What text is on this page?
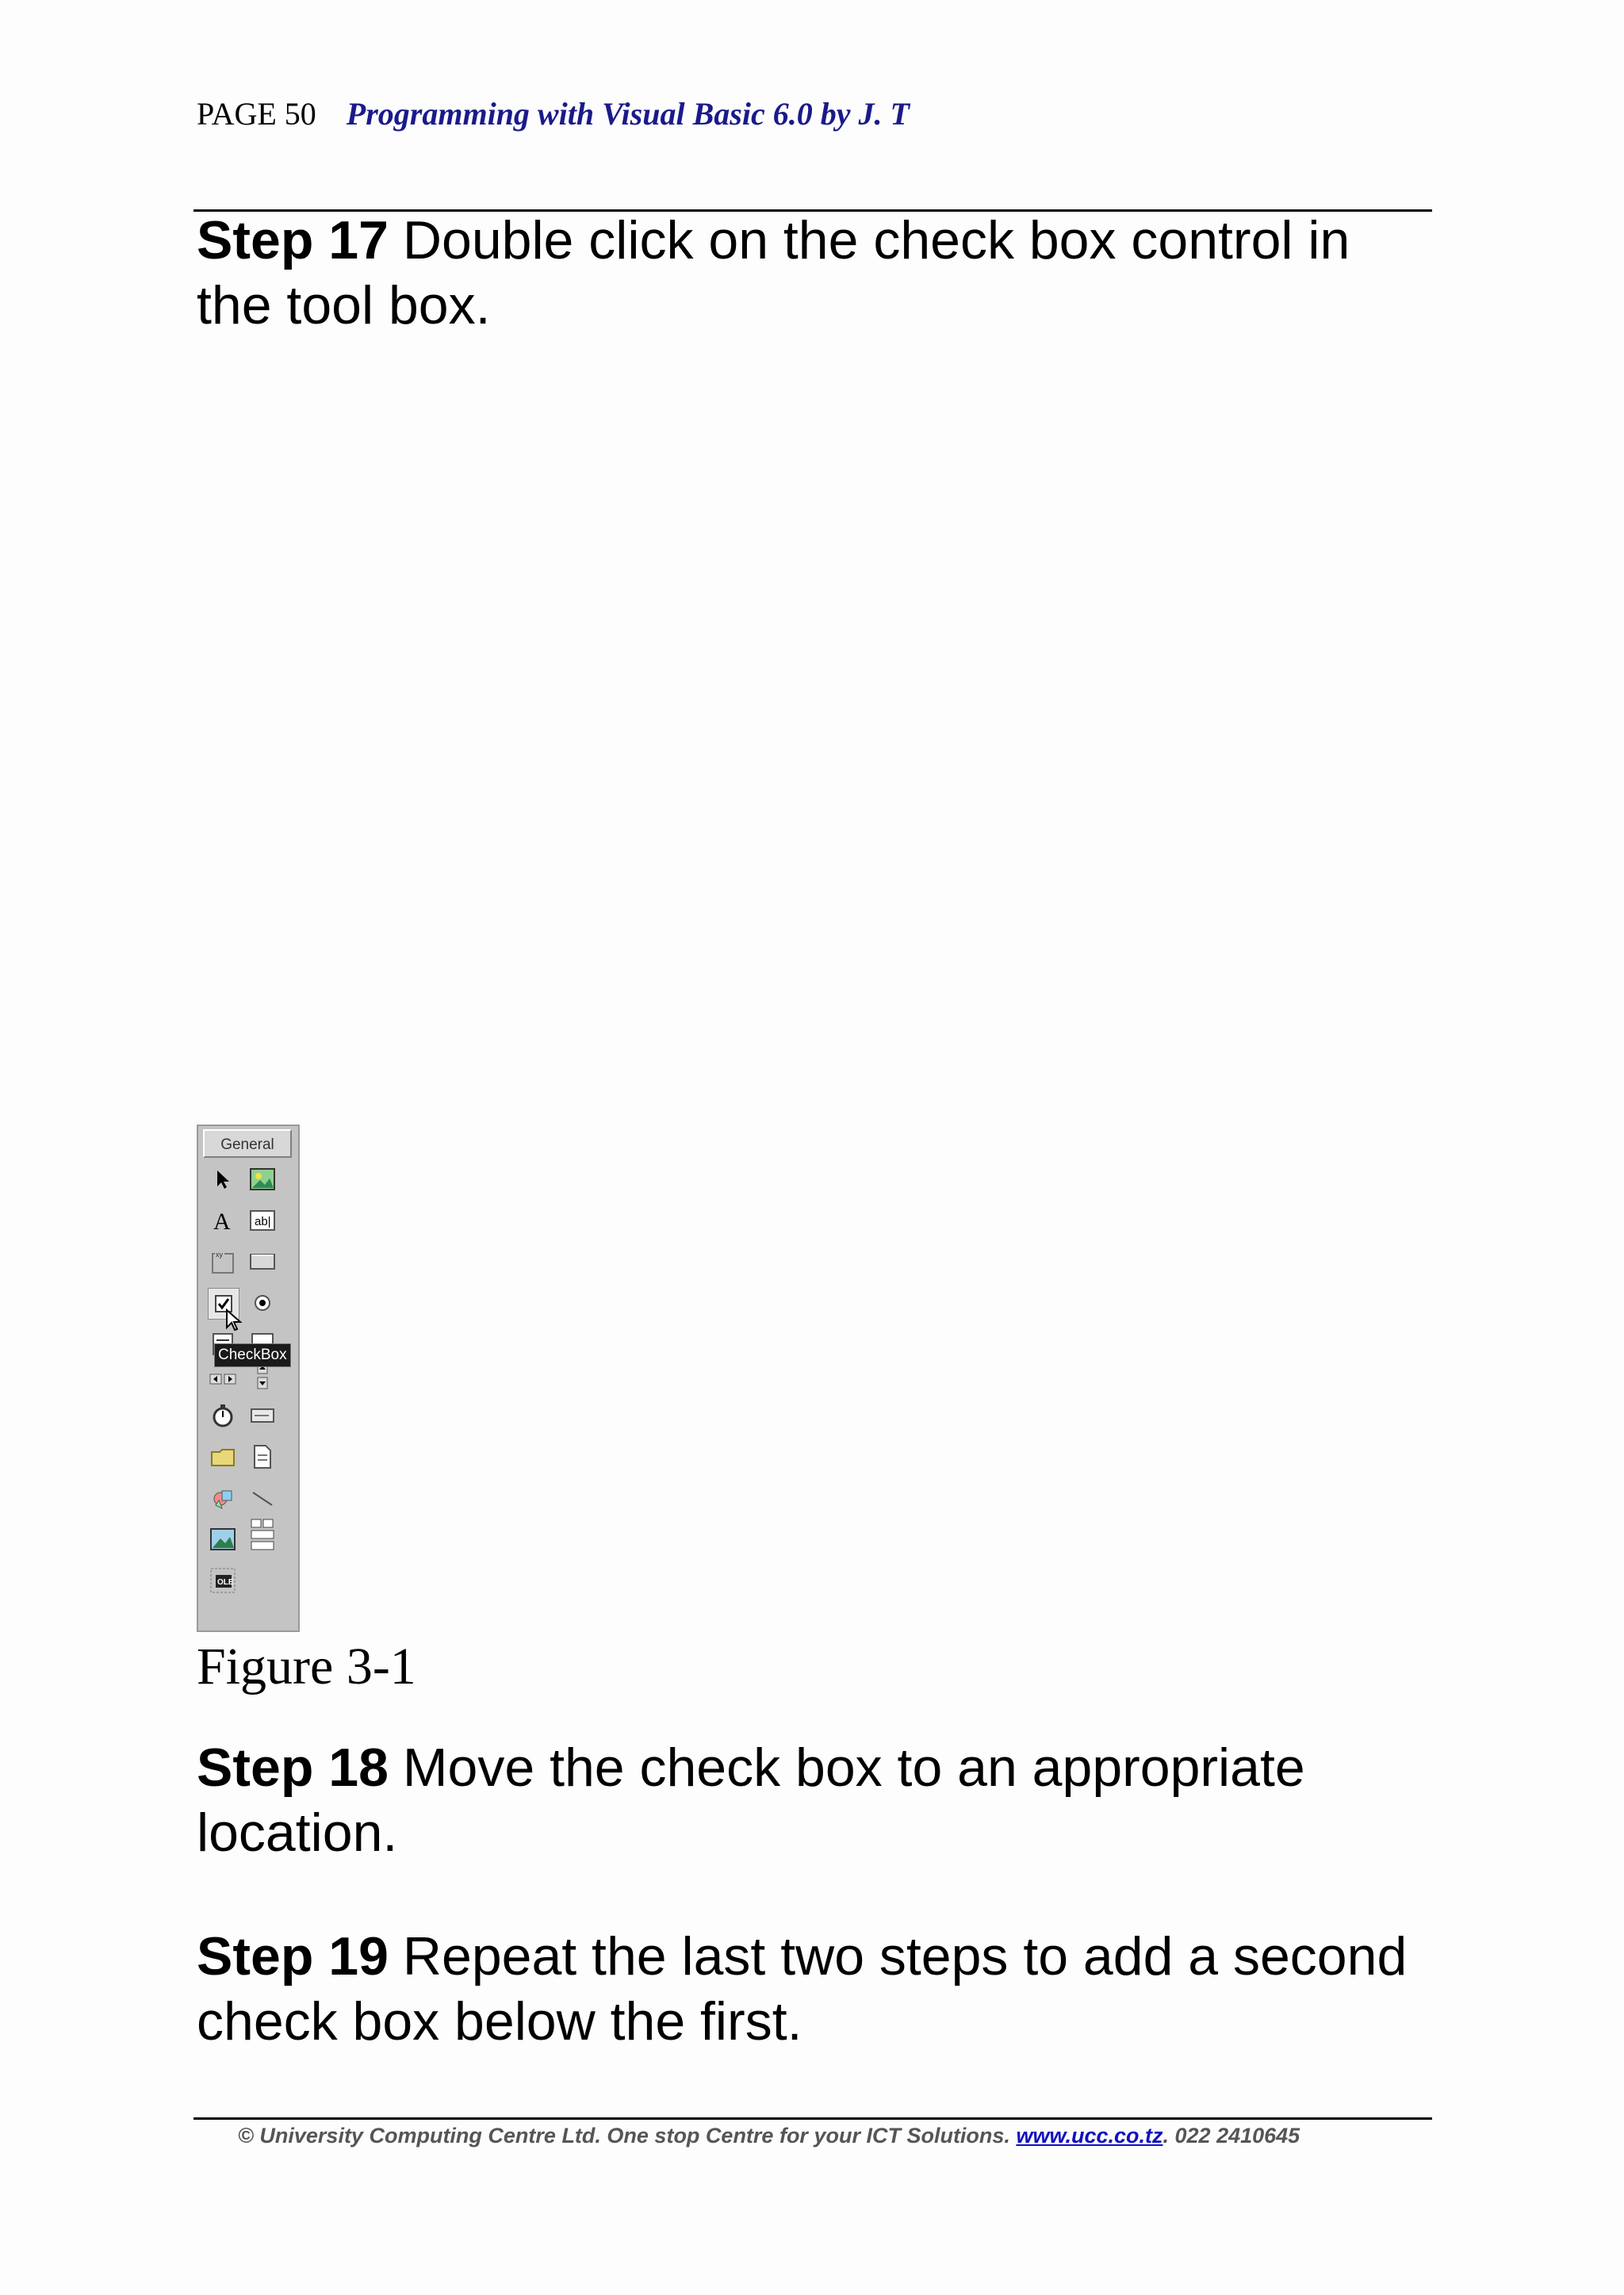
PAGE 50 Programming with Visual Basic 6.0 by J. T
Step 17 Double click on the check box control in the tool box.
General
A ab|
xy
OLE
CheckBox
Figure 3-1
Step 18 Move the check box to an appropriate location.
Step 19 Repeat the last two steps to add a second check box below the first.
© University Computing Centre Ltd. One stop Centre for your ICT Solutions. www.ucc.co.tz. 022 2410645
